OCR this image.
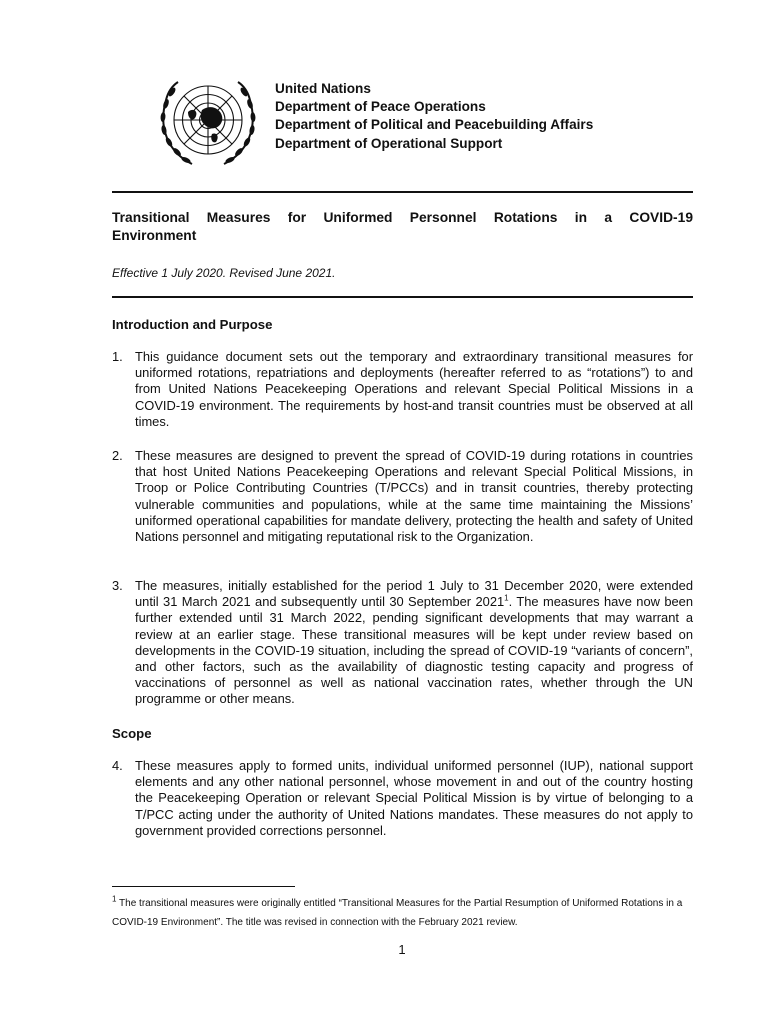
United Nations
Department of Peace Operations
Department of Political and Peacebuilding Affairs
Department of Operational Support
Transitional Measures for Uniformed Personnel Rotations in a COVID-19
Environment
Effective 1 July 2020. Revised June 2021.
Introduction and Purpose
1. This guidance document sets out the temporary and extraordinary transitional measures for uniformed rotations, repatriations and deployments (hereafter referred to as “rotations”) to and from United Nations Peacekeeping Operations and relevant Special Political Missions in a COVID-19 environment. The requirements by host-and transit countries must be observed at all times.
2. These measures are designed to prevent the spread of COVID-19 during rotations in countries that host United Nations Peacekeeping Operations and relevant Special Political Missions, in Troop or Police Contributing Countries (T/PCCs) and in transit countries, thereby protecting vulnerable communities and populations, while at the same time maintaining the Missions’ uniformed operational capabilities for mandate delivery, protecting the health and safety of United Nations personnel and mitigating reputational risk to the Organization.
3. The measures, initially established for the period 1 July to 31 December 2020, were extended until 31 March 2021 and subsequently until 30 September 2021$^1$. The measures have now been further extended until 31 March 2022, pending significant developments that may warrant a review at an earlier stage. These transitional measures will be kept under review based on developments in the COVID-19 situation, including the spread of COVID-19 “variants of concern”, and other factors, such as the availability of diagnostic testing capacity and progress of vaccinations of personnel as well as national vaccination rates, whether through the UN programme or other means.
Scope
4. These measures apply to formed units, individual uniformed personnel (IUP), national support elements and any other national personnel, whose movement in and out of the country hosting the Peacekeeping Operation or relevant Special Political Mission is by virtue of belonging to a T/PCC acting under the authority of United Nations mandates. These measures do not apply to government provided corrections personnel.
$^1$ The transitional measures were originally entitled “Transitional Measures for the Partial Resumption of Uniformed Rotations in a COVID-19 Environment”. The title was revised in connection with the February 2021 review.
1
